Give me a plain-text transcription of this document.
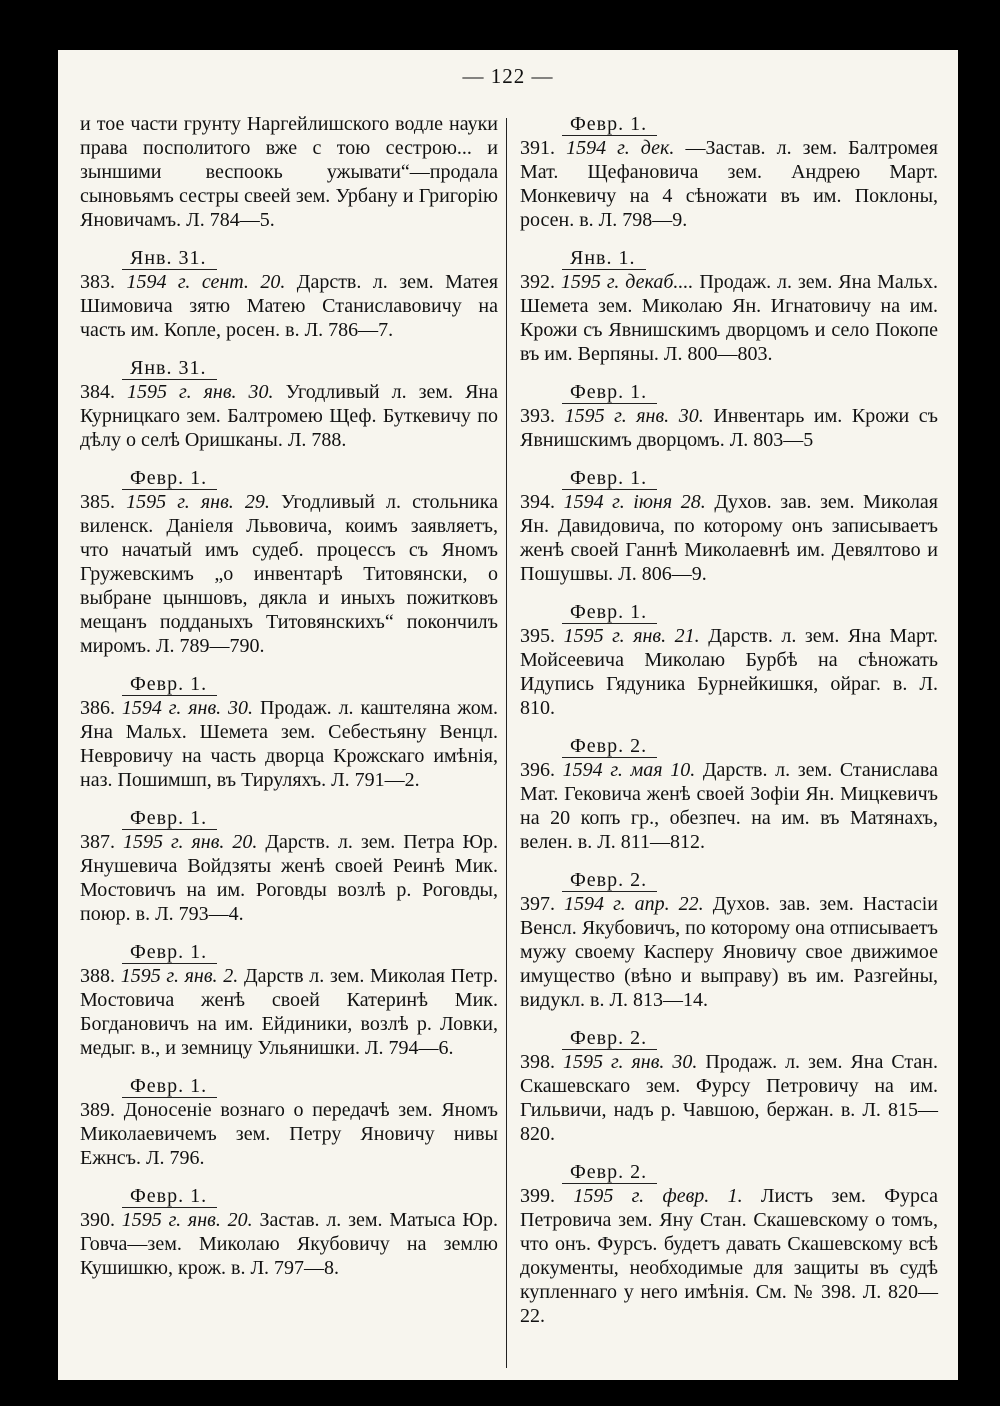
— 122 —
и тое части грунту Наргейлишского водле науки права посполитого вже с тою сестрою... и зыншими веспоокь ужывати“—продала сыновьямъ сестры свеей зем. Урбану и Григорію Яновичамъ. Л. 784—5.
Янв. 31.
383. 1594 г. сент. 20. Дарств. л. зем. Матея Шимовича зятю Матею Станиславовичу на часть им. Копле, росен. в. Л. 786—7.
Янв. 31.
384. 1595 г. янв. 30. Угодливый л. зем. Яна Курницкаго зем. Балтромею Щеф. Буткевичу по дѣлу о селѣ Оришканы. Л. 788.
Февр. 1.
385. 1595 г. янв. 29. Угодливый л. стольника виленск. Данiеля Львовича, коимъ заявляетъ, что начатый имъ судеб. процессъ съ Яномъ Гружевскимъ „о инвентарѣ Титовянски, о выбране цыншовъ, дякла и иныхъ пожитковъ мещанъ подданыхъ Титовянскихъ“ покончилъ миромъ. Л. 789—790.
Февр. 1.
386. 1594 г. янв. 30. Продаж. л. каштеляна жом. Яна Мальх. Шемета зем. Себестьяну Венцл. Невровичу на часть дворца Крожскаго имѣнія, наз. Пошимшп, въ Тируляхъ. Л. 791—2.
Февр. 1.
387. 1595 г. янв. 20. Дарств. л. зем. Петра Юр. Янушевича Войдзяты женѣ своей Реинѣ Мик. Мостовичъ на им. Роговды возлѣ р. Роговды, поюр. в. Л. 793—4.
Февр. 1.
388. 1595 г. янв. 2. Дарств л. зем. Миколая Петр. Мостовича женѣ своей Катеринѣ Мик. Богдановичъ на им. Ейдиники, возлѣ р. Ловки, медыг. в., и земницу Ульянишки. Л. 794—6.
Февр. 1.
389. Доносеніе вознаго о передачѣ зем. Яномъ Миколаевичемъ зем. Петру Яновичу нивы Ежнсъ. Л. 796.
Февр. 1.
390. 1595 г. янв. 20. Застав. л. зем. Матыса Юр. Говча—зем. Миколаю Якубовичу на землю Кушишкю, крож. в. Л. 797—8.
Февр. 1.
391. 1594 г. дек. —Застав. л. зем. Балтромея Мат. Щефановича зем. Андрею Март. Монкевичу на 4 сѣножати въ им. Поклоны, росен. в. Л. 798—9.
Янв. 1.
392. 1595 г. декаб.... Продаж. л. зем. Яна Мальх. Шемета зем. Миколаю Ян. Игнатовичу на им. Крожи съ Явнишскимъ дворцомъ и село Покопе въ им. Верпяны. Л. 800—803.
Февр. 1.
393. 1595 г. янв. 30. Инвентарь им. Крожи съ Явнишскимъ дворцомъ. Л. 803—5
Февр. 1.
394. 1594 г. іюня 28. Духов. зав. зем. Миколая Ян. Давидовича, по которому онъ записываетъ женѣ своей Ганнѣ Миколаевнѣ им. Девялтово и Пошушвы. Л. 806—9.
Февр. 1.
395. 1595 г. янв. 21. Дарств. л. зем. Яна Март. Мойсеевича Миколаю Бурбѣ на сѣножать Идупись Гядуника Бурнейкишкя, ойраг. в. Л. 810.
Февр. 2.
396. 1594 г. мая 10. Дарств. л. зем. Станислава Мат. Гековича женѣ своей Зофіи Ян. Мицкевичъ на 20 копъ гр., обезпеч. на им. въ Матянахъ, велен. в. Л. 811—812.
Февр. 2.
397. 1594 г. апр. 22. Духов. зав. зем. Настасіи Венсл. Якубовичъ, по которому она отписываетъ мужу своему Касперу Яновичу свое движимое имущество (вѣно и выправу) въ им. Разгейны, видукл. в. Л. 813—14.
Февр. 2.
398. 1595 г. янв. 30. Продаж. л. зем. Яна Стан. Скашевскаго зем. Фурсу Петровичу на им. Гильвичи, надъ р. Чавшою, бержан. в. Л. 815—820.
Февр. 2.
399. 1595 г. февр. 1. Листъ зем. Фурса Петровича зем. Яну Стан. Скашевскому о томъ, что онъ. Фурсъ. будетъ давать Скашевскому всѣ документы, необходимые для защиты въ судѣ купленнаго у него имѣнія. См. № 398. Л. 820—22.
